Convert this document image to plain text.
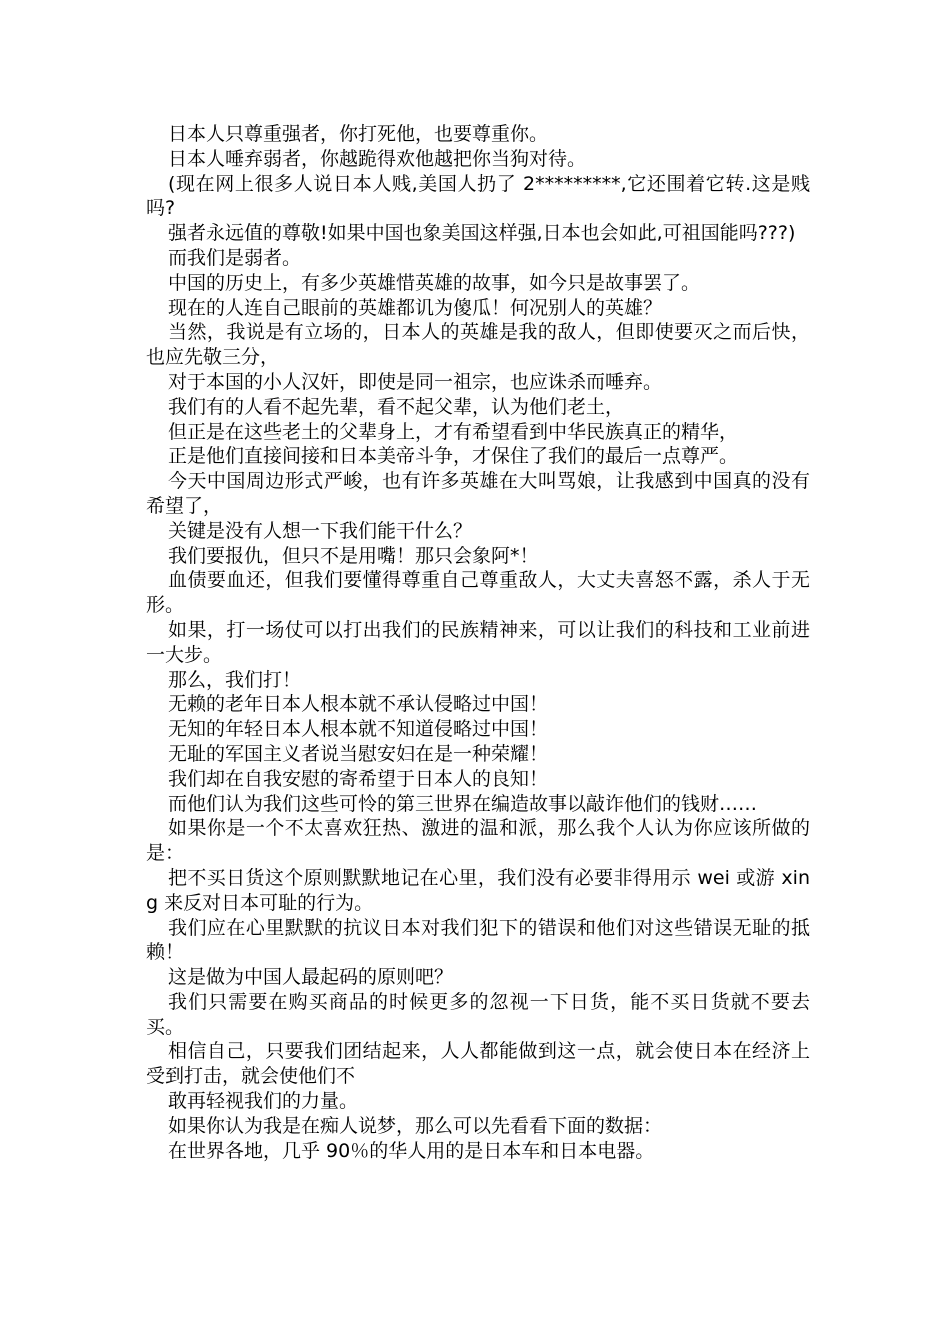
日本人只尊重强者，你打死他，也要尊重你。

日本人唾弃弱者，你越跪得欢他越把你当狗对待。

(现在网上很多人说日本人贱,美国人扔了 2*********,它还围着它转.这是贱吗?

强者永远值的尊敬!如果中国也象美国这样强,日本也会如此,可祖国能吗???)

而我们是弱者。

中国的历史上，有多少英雄惜英雄的故事，如今只是故事罢了。

现在的人连自己眼前的英雄都讥为傻瓜！何况别人的英雄？

当然，我说是有立场的，日本人的英雄是我的敌人，但即使要灭之而后快，也应先敬三分，

对于本国的小人汉奸，即使是同一祖宗，也应诛杀而唾弃。

我们有的人看不起先辈，看不起父辈，认为他们老土，

但正是在这些老土的父辈身上，才有希望看到中华民族真正的精华，

正是他们直接间接和日本美帝斗争，才保住了我们的最后一点尊严。

今天中国周边形式严峻，也有许多英雄在大叫骂娘，让我感到中国真的没有希望了，

关键是没有人想一下我们能干什么？

我们要报仇，但只不是用嘴！那只会象阿*！

血债要血还，但我们要懂得尊重自己尊重敌人，大丈夫喜怒不露，杀人于无形。

如果，打一场仗可以打出我们的民族精神来，可以让我们的科技和工业前进一大步。

那么，我们打！

无赖的老年日本人根本就不承认侵略过中国！

无知的年轻日本人根本就不知道侵略过中国！

无耻的军国主义者说当慰安妇在是一种荣耀！

我们却在自我安慰的寄希望于日本人的良知！

而他们认为我们这些可怜的第三世界在编造故事以敲诈他们的钱财……

如果你是一个不太喜欢狂热、激进的温和派，那么我个人认为你应该所做的是：

把不买日货这个原则默默地记在心里，我们没有必要非得用示 wei 或游 xing 来反对日本可耻的行为。

我们应在心里默默的抗议日本对我们犯下的错误和他们对这些错误无耻的抵赖！

这是做为中国人最起码的原则吧？

我们只需要在购买商品的时候更多的忽视一下日货，能不买日货就不要去买。

相信自己，只要我们团结起来，人人都能做到这一点，就会使日本在经济上受到打击，就会使他们不

敢再轻视我们的力量。

如果你认为我是在痴人说梦，那么可以先看看下面的数据：

在世界各地，几乎 90％的华人用的是日本车和日本电器。
